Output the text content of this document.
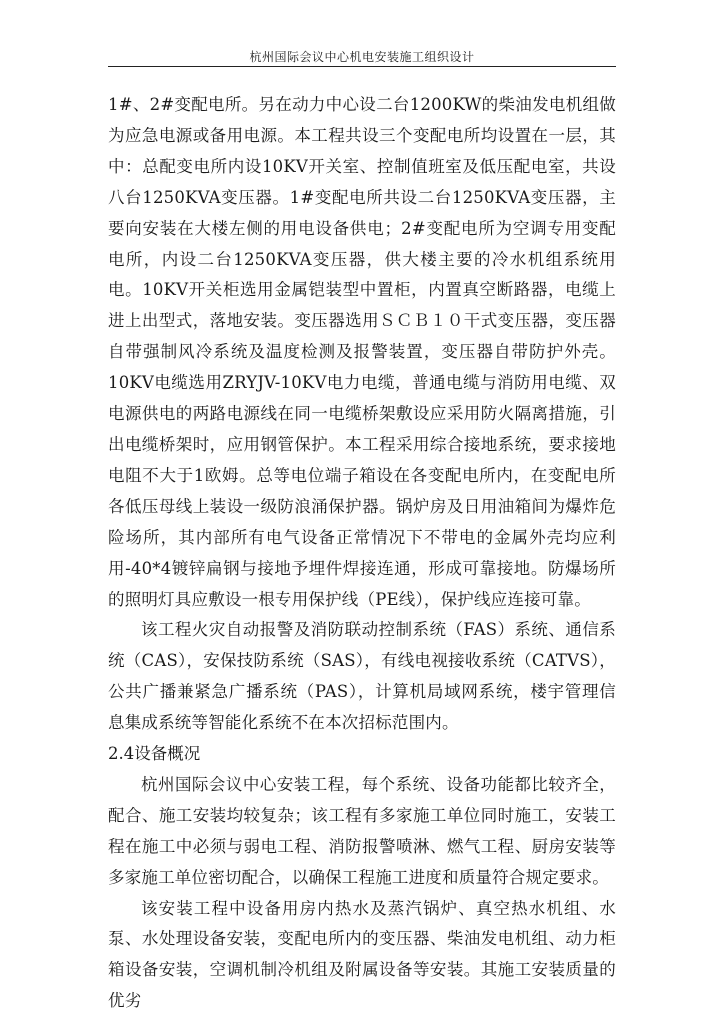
杭州国际会议中心机电安装施工组织设计

1#、2#变配电所。另在动力中心设二台1200KW的柴油发电机组做为应急电源或备用电源。本工程共设三个变配电所均设置在一层，其中：总配变电所内设10KV开关室、控制值班室及低压配电室，共设八台1250KVA变压器。1#变配电所共设二台1250KVA变压器，主要向安装在大楼左侧的用电设备供电；2#变配电所为空调专用变配电所，内设二台1250KVA变压器，供大楼主要的冷水机组系统用电。10KV开关柜选用金属铠装型中置柜，内置真空断路器，电缆上进上出型式，落地安装。变压器选用ＳＣＢ１０干式变压器，变压器自带强制风冷系统及温度检测及报警装置，变压器自带防护外壳。10KV电缆选用ZRYJV-10KV电力电缆，普通电缆与消防用电缆、双电源供电的两路电源线在同一电缆桥架敷设应采用防火隔离措施，引出电缆桥架时，应用钢管保护。本工程采用综合接地系统，要求接地电阻不大于1欧姆。总等电位端子箱设在各变配电所内，在变配电所各低压母线上装设一级防浪涌保护器。锅炉房及日用油箱间为爆炸危险场所，其内部所有电气设备正常情况下不带电的金属外壳均应利用-40*4镀锌扁钢与接地予埋件焊接连通，形成可靠接地。防爆场所的照明灯具应敷设一根专用保护线（PE线），保护线应连接可靠。

该工程火灾自动报警及消防联动控制系统（FAS）系统、通信系统（CAS），安保技防系统（SAS），有线电视接收系统（CATVS），公共广播兼紧急广播系统（PAS），计算机局域网系统，楼宇管理信息集成系统等智能化系统不在本次招标范围内。

2.4设备概况

杭州国际会议中心安装工程，每个系统、设备功能都比较齐全，配合、施工安装均较复杂；该工程有多家施工单位同时施工，安装工程在施工中必须与弱电工程、消防报警喷淋、燃气工程、厨房安装等多家施工单位密切配合，以确保工程施工进度和质量符合规定要求。

该安装工程中设备用房内热水及蒸汽锅炉、真空热水机组、水泵、水处理设备安装，变配电所内的变压器、柴油发电机组、动力柜箱设备安装，空调机制冷机组及附属设备等安装。其施工安装质量的优劣
